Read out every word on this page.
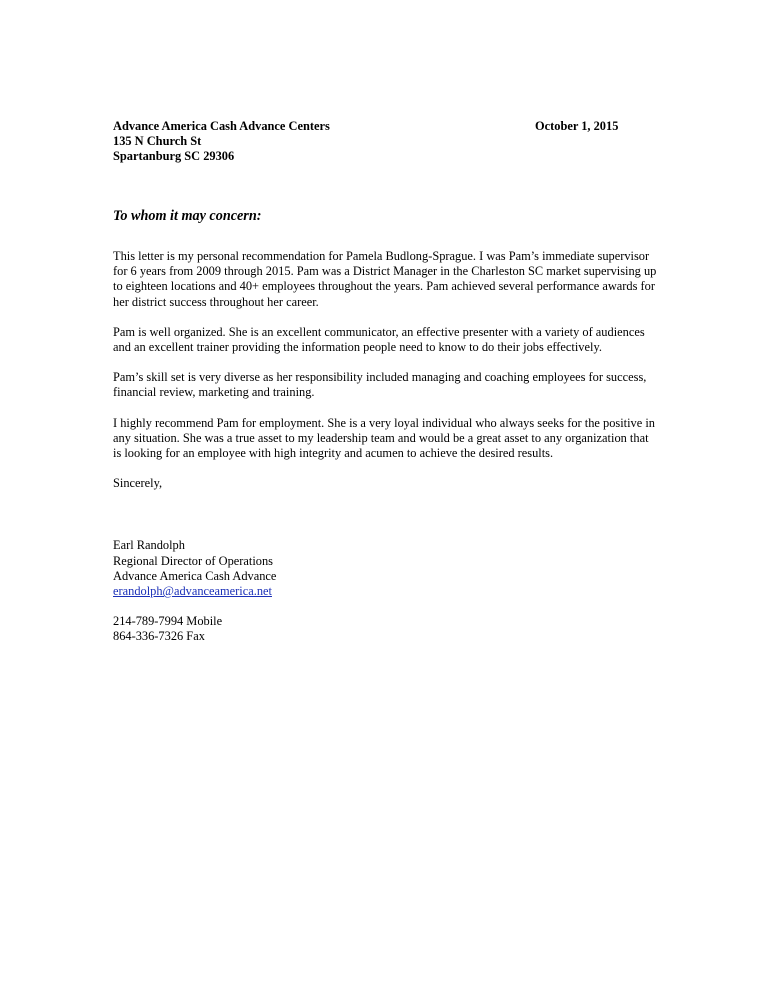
Advance America Cash Advance Centers
135 N Church St
Spartanburg SC 29306
October 1, 2015
To whom it may concern:

This letter is my personal recommendation for Pamela Budlong-Sprague. I was Pam’s immediate supervisor for 6 years from 2009 through 2015. Pam was a District Manager in the Charleston SC market supervising up to eighteen locations and 40+ employees throughout the years. Pam achieved several performance awards for her district success throughout her career.

Pam is well organized. She is an excellent communicator, an effective presenter with a variety of audiences and an excellent trainer providing the information people need to know to do their jobs effectively.

Pam’s skill set is very diverse as her responsibility included managing and coaching employees for success, financial review, marketing and training.

I highly recommend Pam for employment. She is a very loyal individual who always seeks for the positive in any situation. She was a true asset to my leadership team and would be a great asset to any organization that is looking for an employee with high integrity and acumen to achieve the desired results.

Sincerely,
Earl Randolph
Regional Director of Operations
Advance America Cash Advance
erandolph@advanceamerica.net
214-789-7994 Mobile
864-336-7326 Fax
